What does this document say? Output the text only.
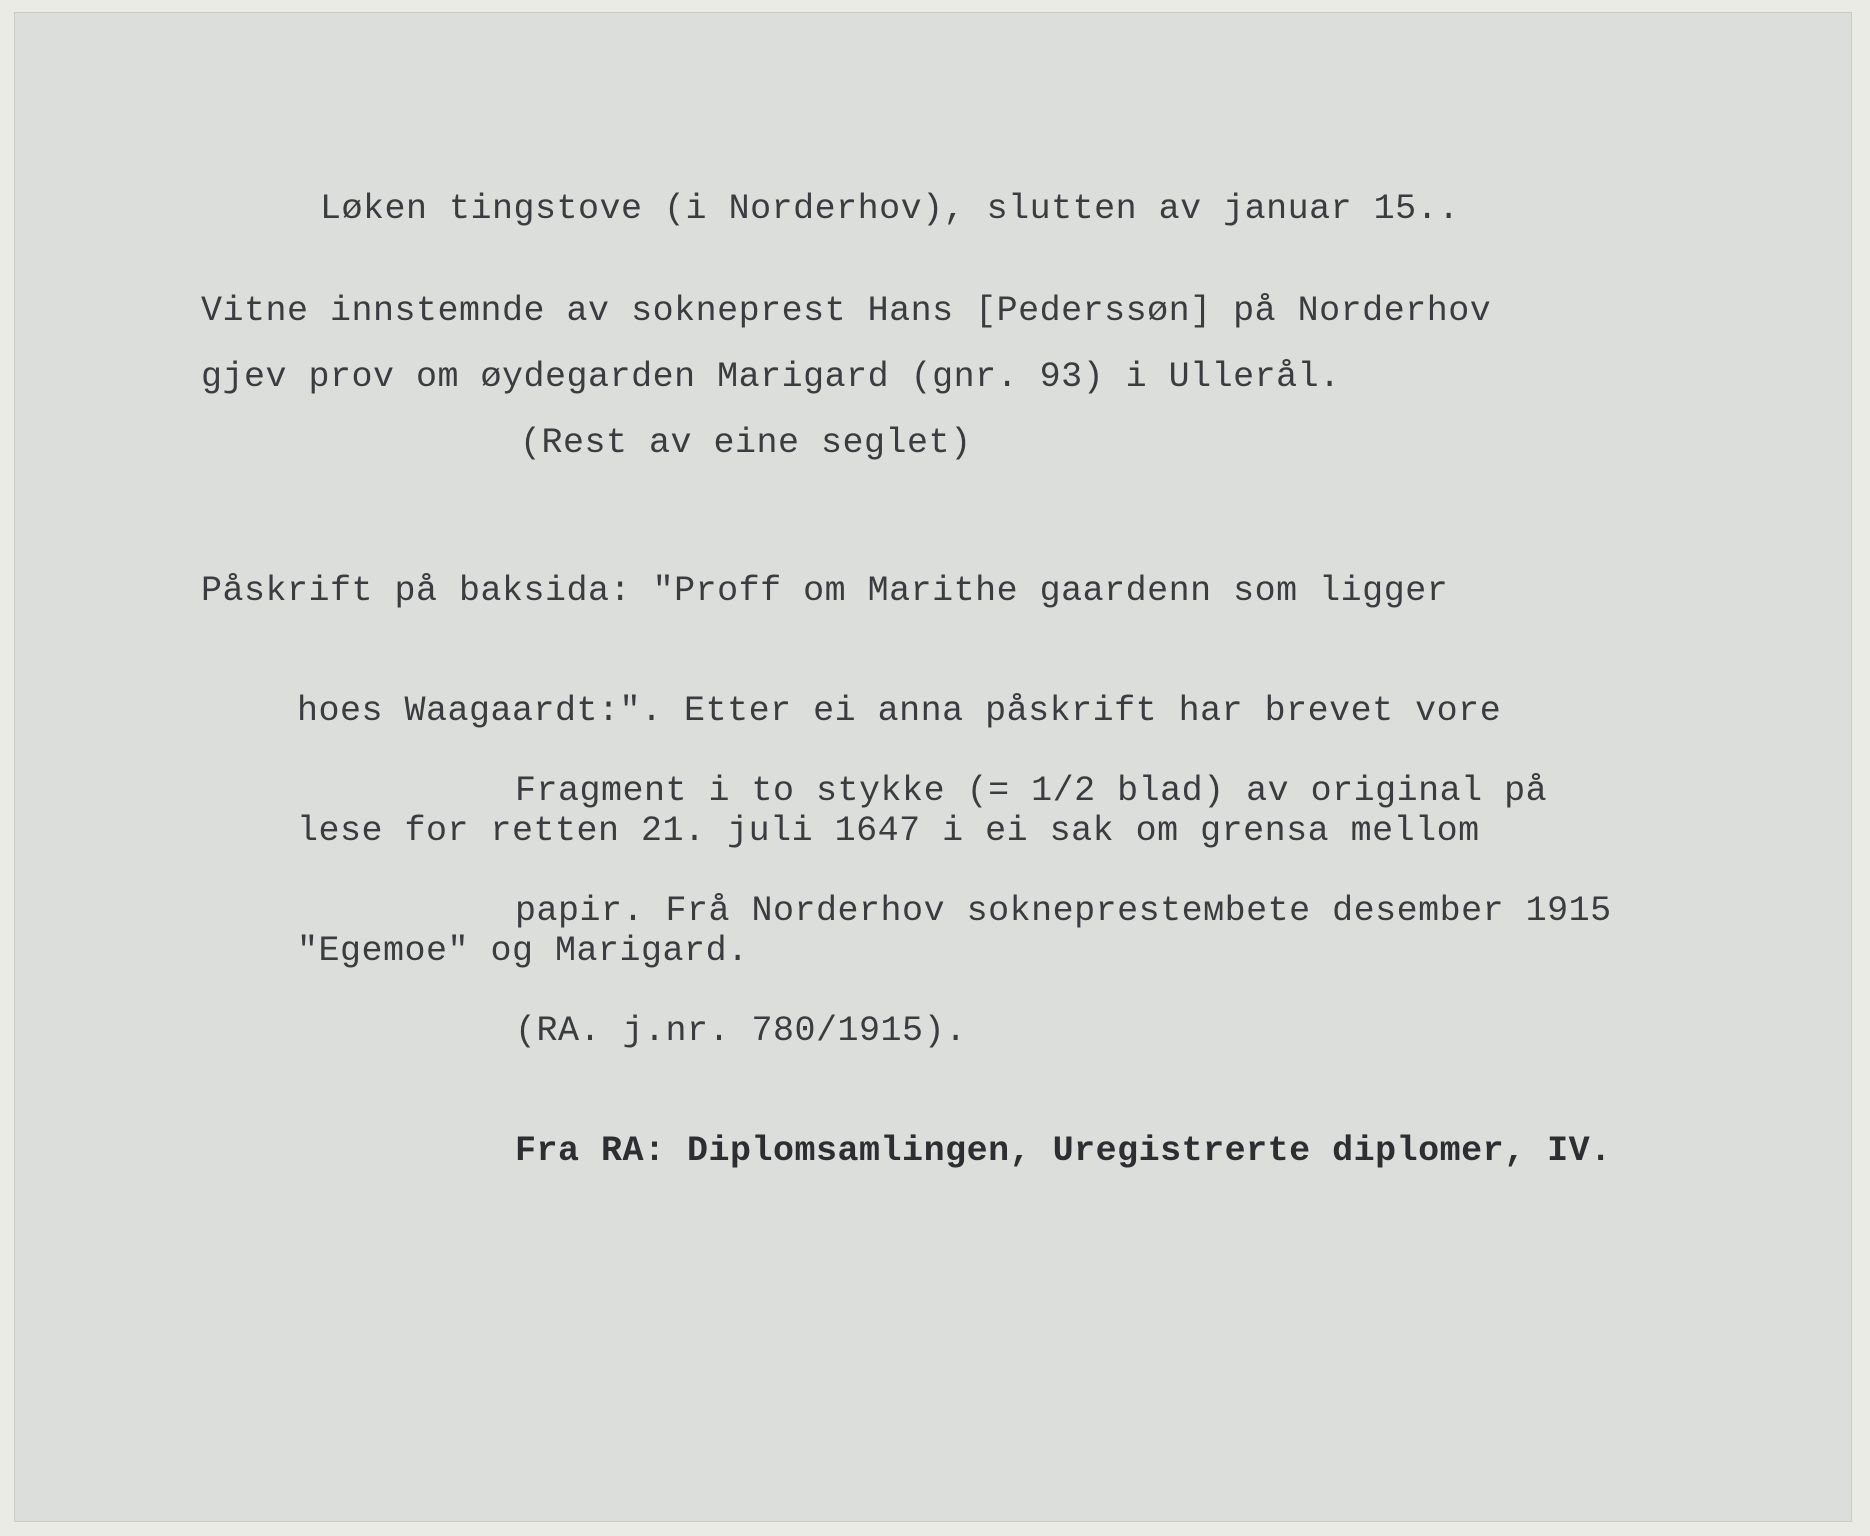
Løken tingstove (i Norderhov), slutten av januar 15..
Vitne innstemnde av sokneprest Hans [Pederssøn] på Norderhov
gjev prov om øydegarden Marigard (gnr. 93) i Ullerål.
(Rest av eine seglet)

Påskrift på baksida: "Proff om Marithe gaardenn som ligger

hoes Waagaardt:". Etter ei anna påskrift har brevet vore

lese for retten 21. juli 1647 i ei sak om grensa mellom

"Egemoe" og Marigard.

Fragment i to stykke (= 1/2 blad) av original på

papir. Frå Norderhov soknepresteмbete desember 1915

(RA. j.nr. 780/1915).

Fra RA: Diplomsamlingen, Uregistrerte diplomer, IV.
